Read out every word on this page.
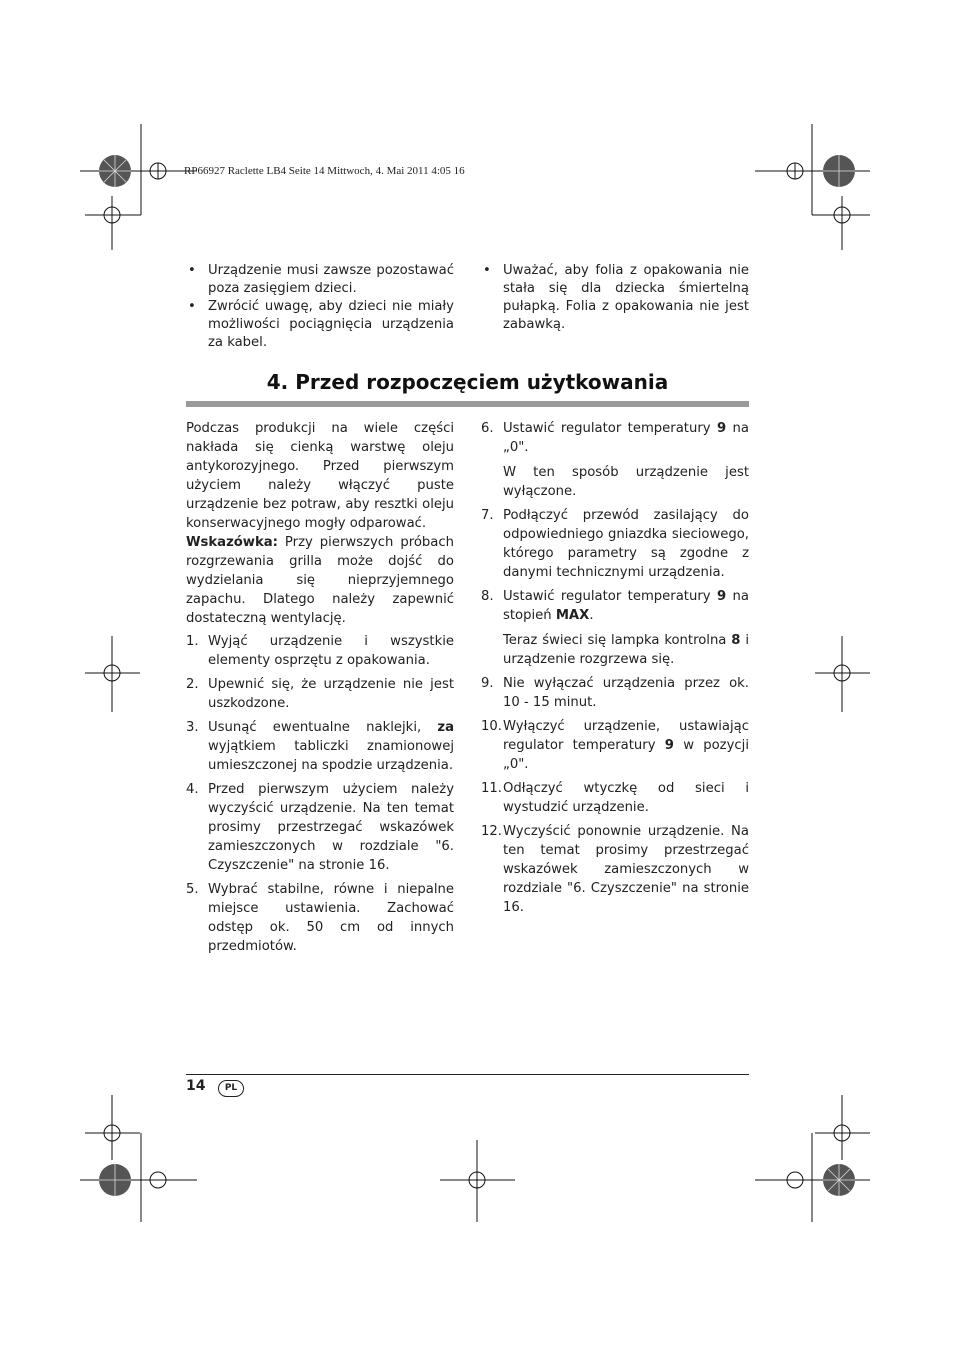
RP66927 Raclette LB4 Seite 14 Mittwoch, 4. Mai 2011 4:05 16
• Urządzenie musi zawsze pozostawać poza zasięgiem dzieci.
• Zwrócić uwagę, aby dzieci nie miały możliwości pociągnięcia urządzenia za kabel.
• Uważać, aby folia z opakowania nie stała się dla dziecka śmiertelną pułapką. Folia z opakowania nie jest zabawką.
4. Przed rozpoczęciem użytkowania

Podczas produkcji na wiele części nakłada się cienką warstwę oleju antykorozyjnego. Przed pierwszym użyciem należy włączyć puste urządzenie bez potraw, aby resztki oleju konserwacyjnego mogły odparować.

Wskazówka: Przy pierwszych próbach rozgrzewania grilla może dojść do wydzielania się nieprzyjemnego zapachu. Dlatego należy zapewnić dostateczną wentylację.

1. Wyjąć urządzenie i wszystkie elementy osprzętu z opakowania.
2. Upewnić się, że urządzenie nie jest uszkodzone.
3. Usunąć ewentualne naklejki, za wyjątkiem tabliczki znamionowej umieszczonej na spodzie urządzenia.
4. Przed pierwszym użyciem należy wyczyścić urządzenie. Na ten temat prosimy przestrzegać wskazówek zamieszczonych w rozdziale "6. Czyszczenie" na stronie 16.
5. Wybrać stabilne, równe i niepalne miejsce ustawienia. Zachować odstęp ok. 50 cm od innych przedmiotów.
6. Ustawić regulator temperatury 9 na „0".
W ten sposób urządzenie jest wyłączone.
7. Podłączyć przewód zasilający do odpowiedniego gniazdka sieciowego, którego parametry są zgodne z danymi technicznymi urządzenia.
8. Ustawić regulator temperatury 9 na stopień MAX.
Teraz świeci się lampka kontrolna 8 i urządzenie rozgrzewa się.
9. Nie wyłączać urządzenia przez ok. 10 - 15 minut.
10. Wyłączyć urządzenie, ustawiając regulator temperatury 9 w pozycji „0".
11. Odłączyć wtyczkę od sieci i wystudzić urządzenie.
12. Wyczyścić ponownie urządzenie. Na ten temat prosimy przestrzegać wskazówek zamieszczonych w rozdziale "6. Czyszczenie" na stronie 16.
14	PL
